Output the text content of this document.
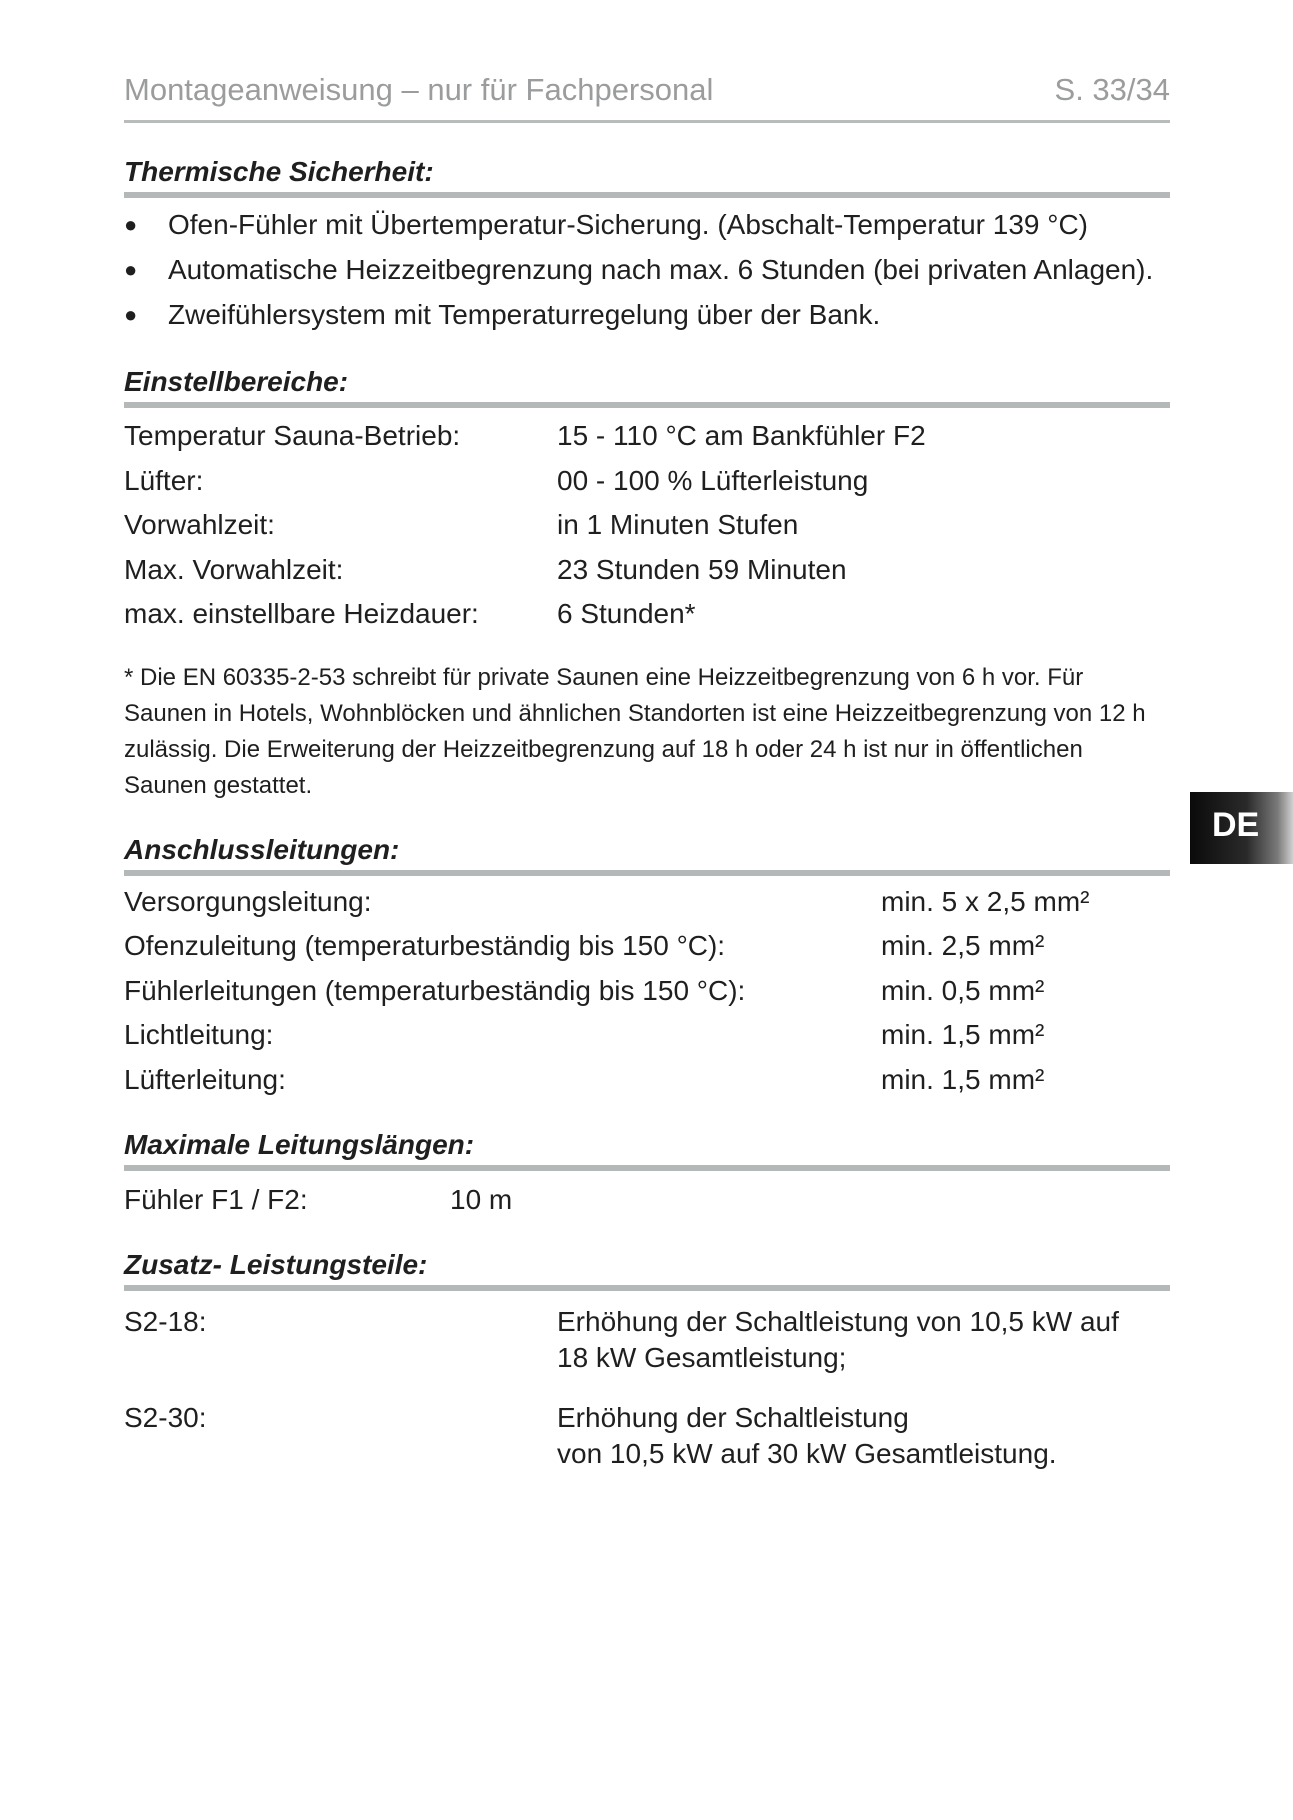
Montageanweisung – nur für Fachpersonal	S. 33/34
Thermische Sicherheit:
● Ofen-Fühler mit Übertemperatur-Sicherung. (Abschalt-Temperatur 139 °C)
● Automatische Heizzeitbegrenzung nach max. 6 Stunden (bei privaten Anlagen).
● Zweifühlersystem mit Temperaturregelung über der Bank.
Einstellbereiche:
Temperatur Sauna-Betrieb:	15 - 110 °C am Bankfühler F2
Lüfter:	00 - 100 % Lüfterleistung
Vorwahlzeit:	in 1 Minuten Stufen
Max. Vorwahlzeit:	23 Stunden 59 Minuten
max. einstellbare Heizdauer:	6 Stunden*
* Die EN 60335-2-53 schreibt für private Saunen eine Heizzeitbegrenzung von 6 h vor. Für Saunen in Hotels, Wohnblöcken und ähnlichen Standorten ist eine Heizzeitbegrenzung von 12 h zulässig. Die Erweiterung der Heizzeitbegrenzung auf 18 h oder 24 h ist nur in öffentlichen Saunen gestattet.
DE
Anschlussleitungen:
Versorgungsleitung:	min. 5 x 2,5 mm²
Ofenzuleitung (temperaturbeständig bis 150 °C):	min. 2,5 mm²
Fühlerleitungen (temperaturbeständig bis 150 °C):	min. 0,5 mm²
Lichtleitung:	min. 1,5 mm²
Lüfterleitung:	min. 1,5 mm²
Maximale Leitungslängen:
Fühler F1 / F2:	10 m
Zusatz- Leistungsteile:
S2-18:	Erhöhung der Schaltleistung von 10,5 kW auf
18 kW Gesamtleistung;
S2-30:	Erhöhung der Schaltleistung
von 10,5 kW auf 30 kW Gesamtleistung.
